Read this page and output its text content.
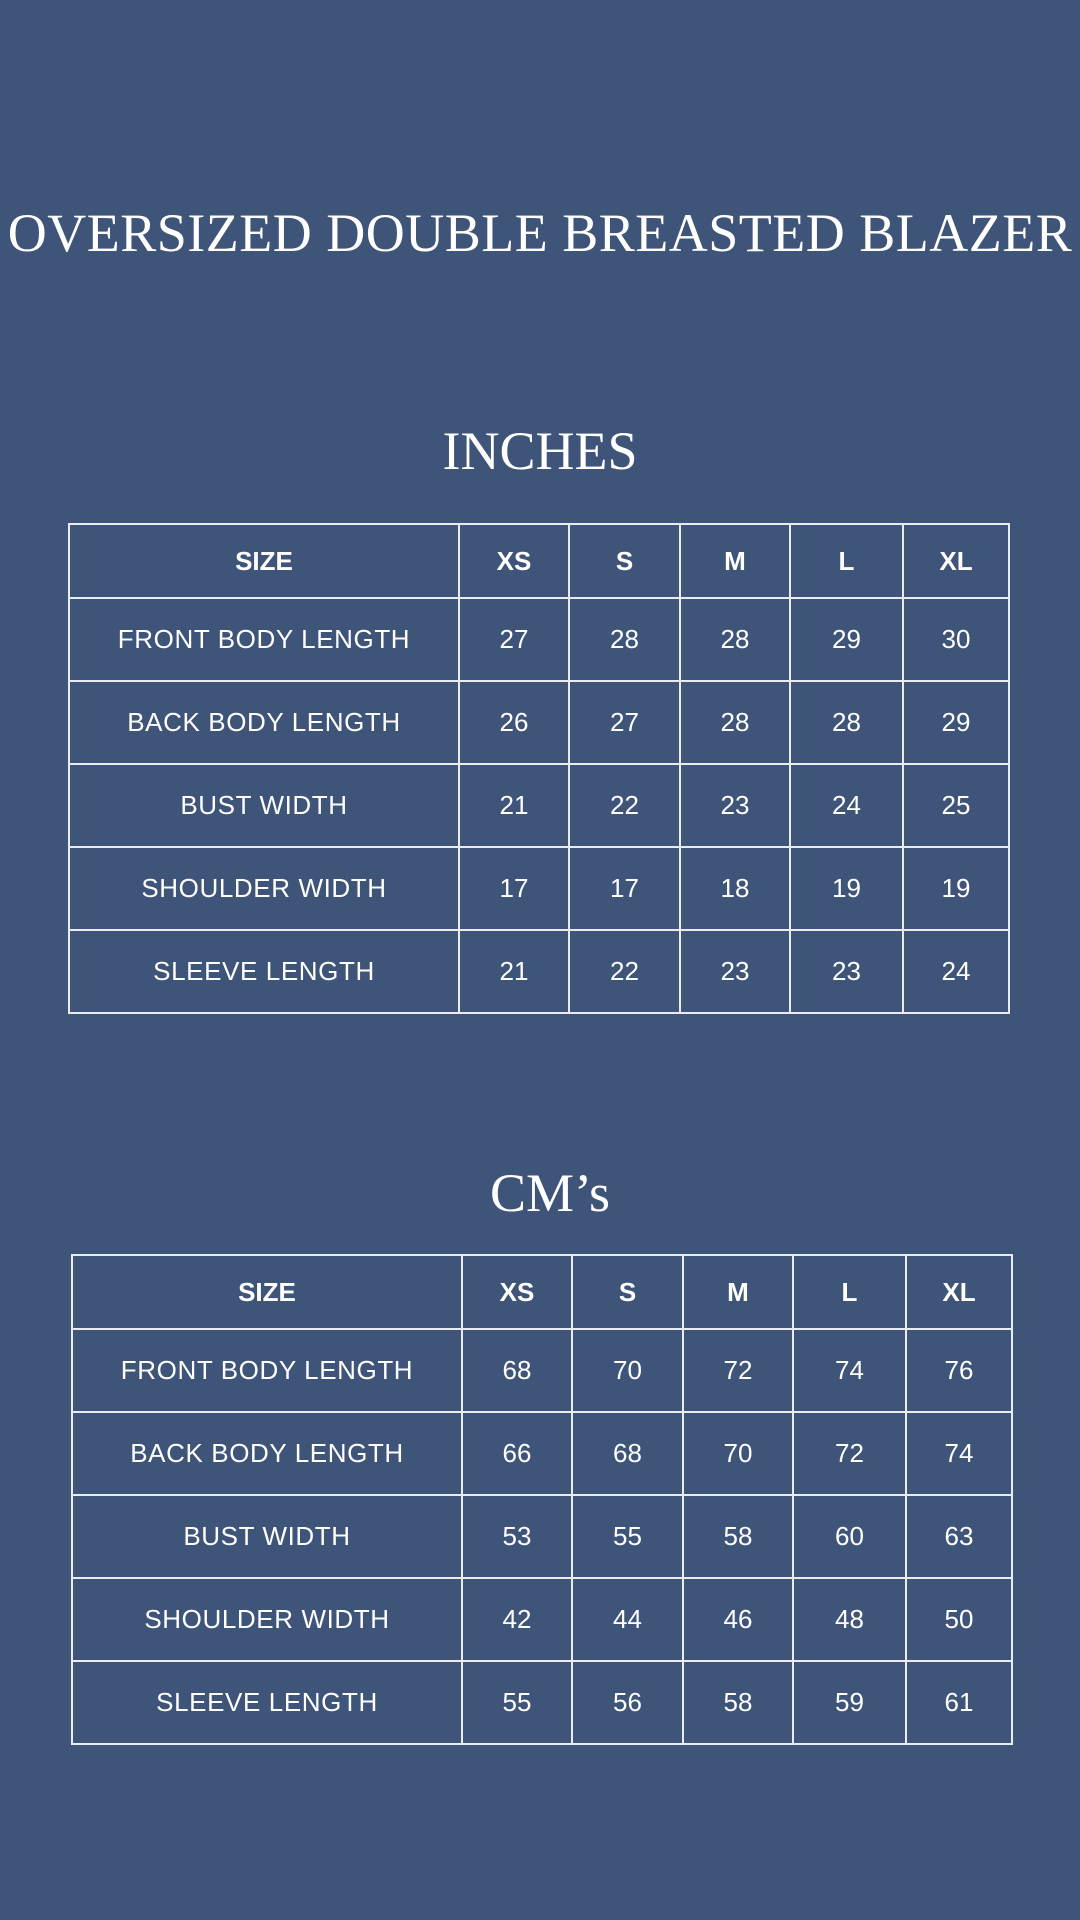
OVERSIZED DOUBLE BREASTED BLAZER
INCHES
SIZE	XS	S	M	L	XL
FRONT BODY LENGTH	27	28	28	29	30
BACK BODY LENGTH	26	27	28	28	29
BUST WIDTH	21	22	23	24	25
SHOULDER WIDTH	17	17	18	19	19
SLEEVE LENGTH	21	22	23	23	24
CM’s
SIZE	XS	S	M	L	XL
FRONT BODY LENGTH	68	70	72	74	76
BACK BODY LENGTH	66	68	70	72	74
BUST WIDTH	53	55	58	60	63
SHOULDER WIDTH	42	44	46	48	50
SLEEVE LENGTH	55	56	58	59	61
